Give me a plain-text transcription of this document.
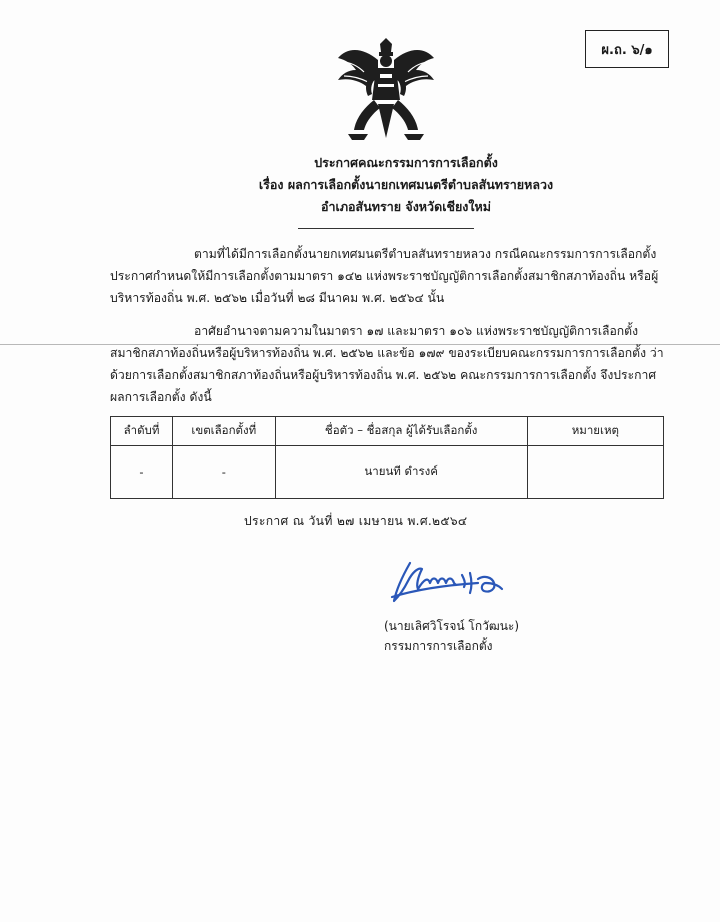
ผ.ถ. ๖/๑
ประกาศคณะกรรมการการเลือกตั้ง
เรื่อง ผลการเลือกตั้งนายกเทศมนตรีตำบลสันทรายหลวง
อำเภอสันทราย จังหวัดเชียงใหม่
ตามที่ได้มีการเลือกตั้งนายกเทศมนตรีตำบลสันทรายหลวง กรณีคณะกรรมการการเลือกตั้ง ประกาศกำหนดให้มีการเลือกตั้งตามมาตรา ๑๔๒ แห่งพระราชบัญญัติการเลือกตั้งสมาชิกสภาท้องถิ่น หรือผู้บริหารท้องถิ่น พ.ศ. ๒๕๖๒ เมื่อวันที่ ๒๘ มีนาคม พ.ศ. ๒๕๖๔ นั้น
อาศัยอำนาจตามความในมาตรา ๑๗ และมาตรา ๑๐๖ แห่งพระราชบัญญัติการเลือกตั้ง สมาชิกสภาท้องถิ่นหรือผู้บริหารท้องถิ่น พ.ศ. ๒๕๖๒ และข้อ ๑๗๙ ของระเบียบคณะกรรมการการเลือกตั้ง ว่าด้วยการเลือกตั้งสมาชิกสภาท้องถิ่นหรือผู้บริหารท้องถิ่น พ.ศ. ๒๕๖๒ คณะกรรมการการเลือกตั้ง จึงประกาศผลการเลือกตั้ง ดังนี้
ลำดับที่	เขตเลือกตั้งที่	ชื่อตัว – ชื่อสกุล ผู้ได้รับเลือกตั้ง	หมายเหตุ
-	-	นายนที ดำรงค์	
ประกาศ ณ วันที่ ๒๗ เมษายน พ.ศ.๒๕๖๔
(นายเลิศวิโรจน์ โกวัฒนะ)
กรรมการการเลือกตั้ง
